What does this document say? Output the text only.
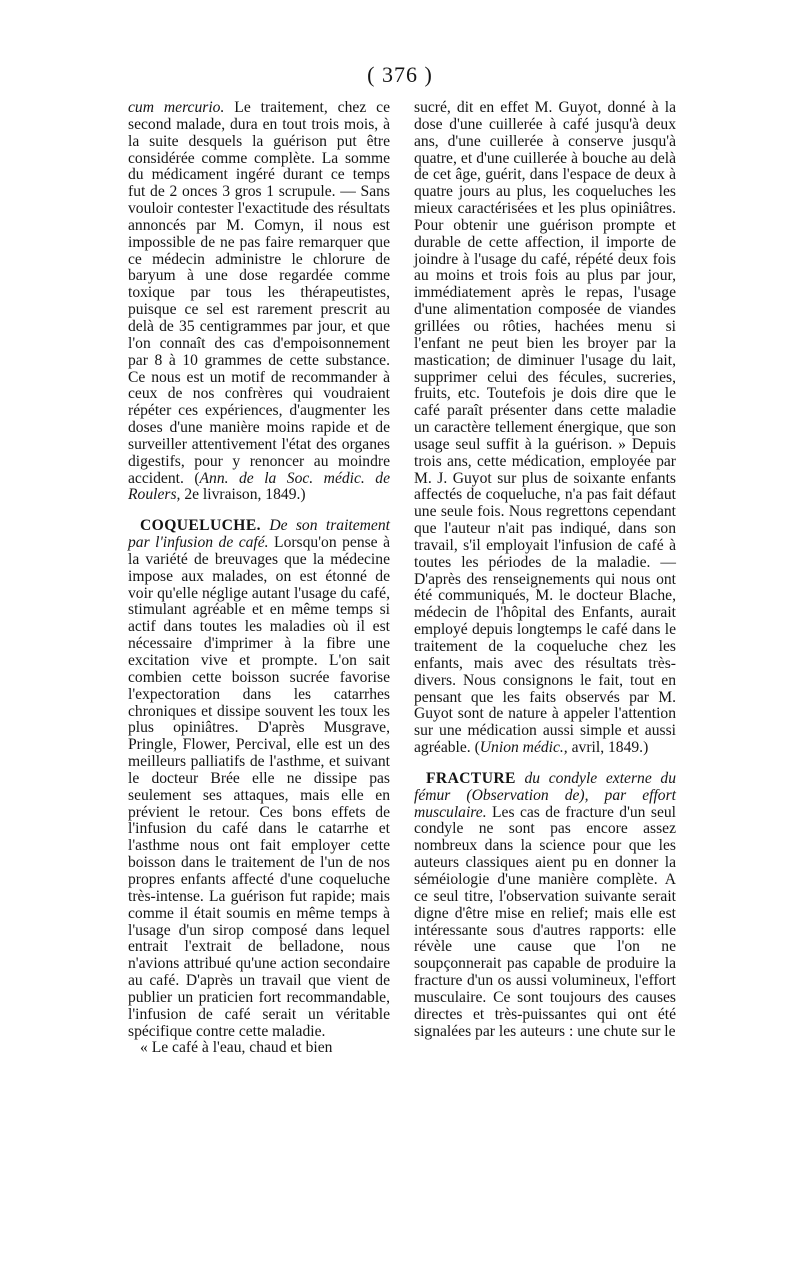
( 376 )

cum mercurio. Le traitement, chez ce second malade, dura en tout trois mois, à la suite desquels la guérison put être considérée comme complète. La somme du médicament ingéré durant ce temps fut de 2 onces 3 gros 1 scrupule. — Sans vouloir contester l'exactitude des résultats annoncés par M. Comyn, il nous est impossible de ne pas faire remarquer que ce médecin administre le chlorure de baryum à une dose regardée comme toxique par tous les thérapeutistes, puisque ce sel est rarement prescrit au delà de 35 centigrammes par jour, et que l'on connaît des cas d'empoisonnement par 8 à 10 grammes de cette substance. Ce nous est un motif de recommander à ceux de nos confrères qui voudraient répéter ces expériences, d'augmenter les doses d'une manière moins rapide et de surveiller attentivement l'état des organes digestifs, pour y renoncer au moindre accident. (Ann. de la Soc. médic. de Roulers, 2e livraison, 1849.)

COQUELUCHE. De son traitement par l'infusion de café. Lorsqu'on pense à la variété de breuvages que la médecine impose aux malades, on est étonné de voir qu'elle néglige autant l'usage du café, stimulant agréable et en même temps si actif dans toutes les maladies où il est nécessaire d'imprimer à la fibre une excitation vive et prompte. L'on sait combien cette boisson sucrée favorise l'expectoration dans les catarrhes chroniques et dissipe souvent les toux les plus opiniâtres. D'après Musgrave, Pringle, Flower, Percival, elle est un des meilleurs palliatifs de l'asthme, et suivant le docteur Brée elle ne dissipe pas seulement ses attaques, mais elle en prévient le retour. Ces bons effets de l'infusion du café dans le catarrhe et l'asthme nous ont fait employer cette boisson dans le traitement de l'un de nos propres enfants affecté d'une coqueluche très-intense. La guérison fut rapide; mais comme il était soumis en même temps à l'usage d'un sirop composé dans lequel entrait l'extrait de belladone, nous n'avions attribué qu'une action secondaire au café. D'après un travail que vient de publier un praticien fort recommandable, l'infusion de café serait un véritable spécifique contre cette maladie.

« Le café à l'eau, chaud et bien

sucré, dit en effet M. Guyot, donné à la dose d'une cuillerée à café jusqu'à deux ans, d'une cuillerée à conserve jusqu'à quatre, et d'une cuillerée à bouche au delà de cet âge, guérit, dans l'espace de deux à quatre jours au plus, les coqueluches les mieux caractérisées et les plus opiniâtres. Pour obtenir une guérison prompte et durable de cette affection, il importe de joindre à l'usage du café, répété deux fois au moins et trois fois au plus par jour, immédiatement après le repas, l'usage d'une alimentation composée de viandes grillées ou rôties, hachées menu si l'enfant ne peut bien les broyer par la mastication; de diminuer l'usage du lait, supprimer celui des fécules, sucreries, fruits, etc. Toutefois je dois dire que le café paraît présenter dans cette maladie un caractère tellement énergique, que son usage seul suffit à la guérison. » Depuis trois ans, cette médication, employée par M. J. Guyot sur plus de soixante enfants affectés de coqueluche, n'a pas fait défaut une seule fois. Nous regrettons cependant que l'auteur n'ait pas indiqué, dans son travail, s'il employait l'infusion de café à toutes les périodes de la maladie. — D'après des renseignements qui nous ont été communiqués, M. le docteur Blache, médecin de l'hôpital des Enfants, aurait employé depuis longtemps le café dans le traitement de la coqueluche chez les enfants, mais avec des résultats très-divers. Nous consignons le fait, tout en pensant que les faits observés par M. Guyot sont de nature à appeler l'attention sur une médication aussi simple et aussi agréable. (Union médic., avril, 1849.)

FRACTURE du condyle externe du fémur (Observation de), par effort musculaire. Les cas de fracture d'un seul condyle ne sont pas encore assez nombreux dans la science pour que les auteurs classiques aient pu en donner la séméiologie d'une manière complète. A ce seul titre, l'observation suivante serait digne d'être mise en relief; mais elle est intéressante sous d'autres rapports: elle révèle une cause que l'on ne soupçonnerait pas capable de produire la fracture d'un os aussi volumineux, l'effort musculaire. Ce sont toujours des causes directes et très-puissantes qui ont été signalées par les auteurs : une chute sur le
